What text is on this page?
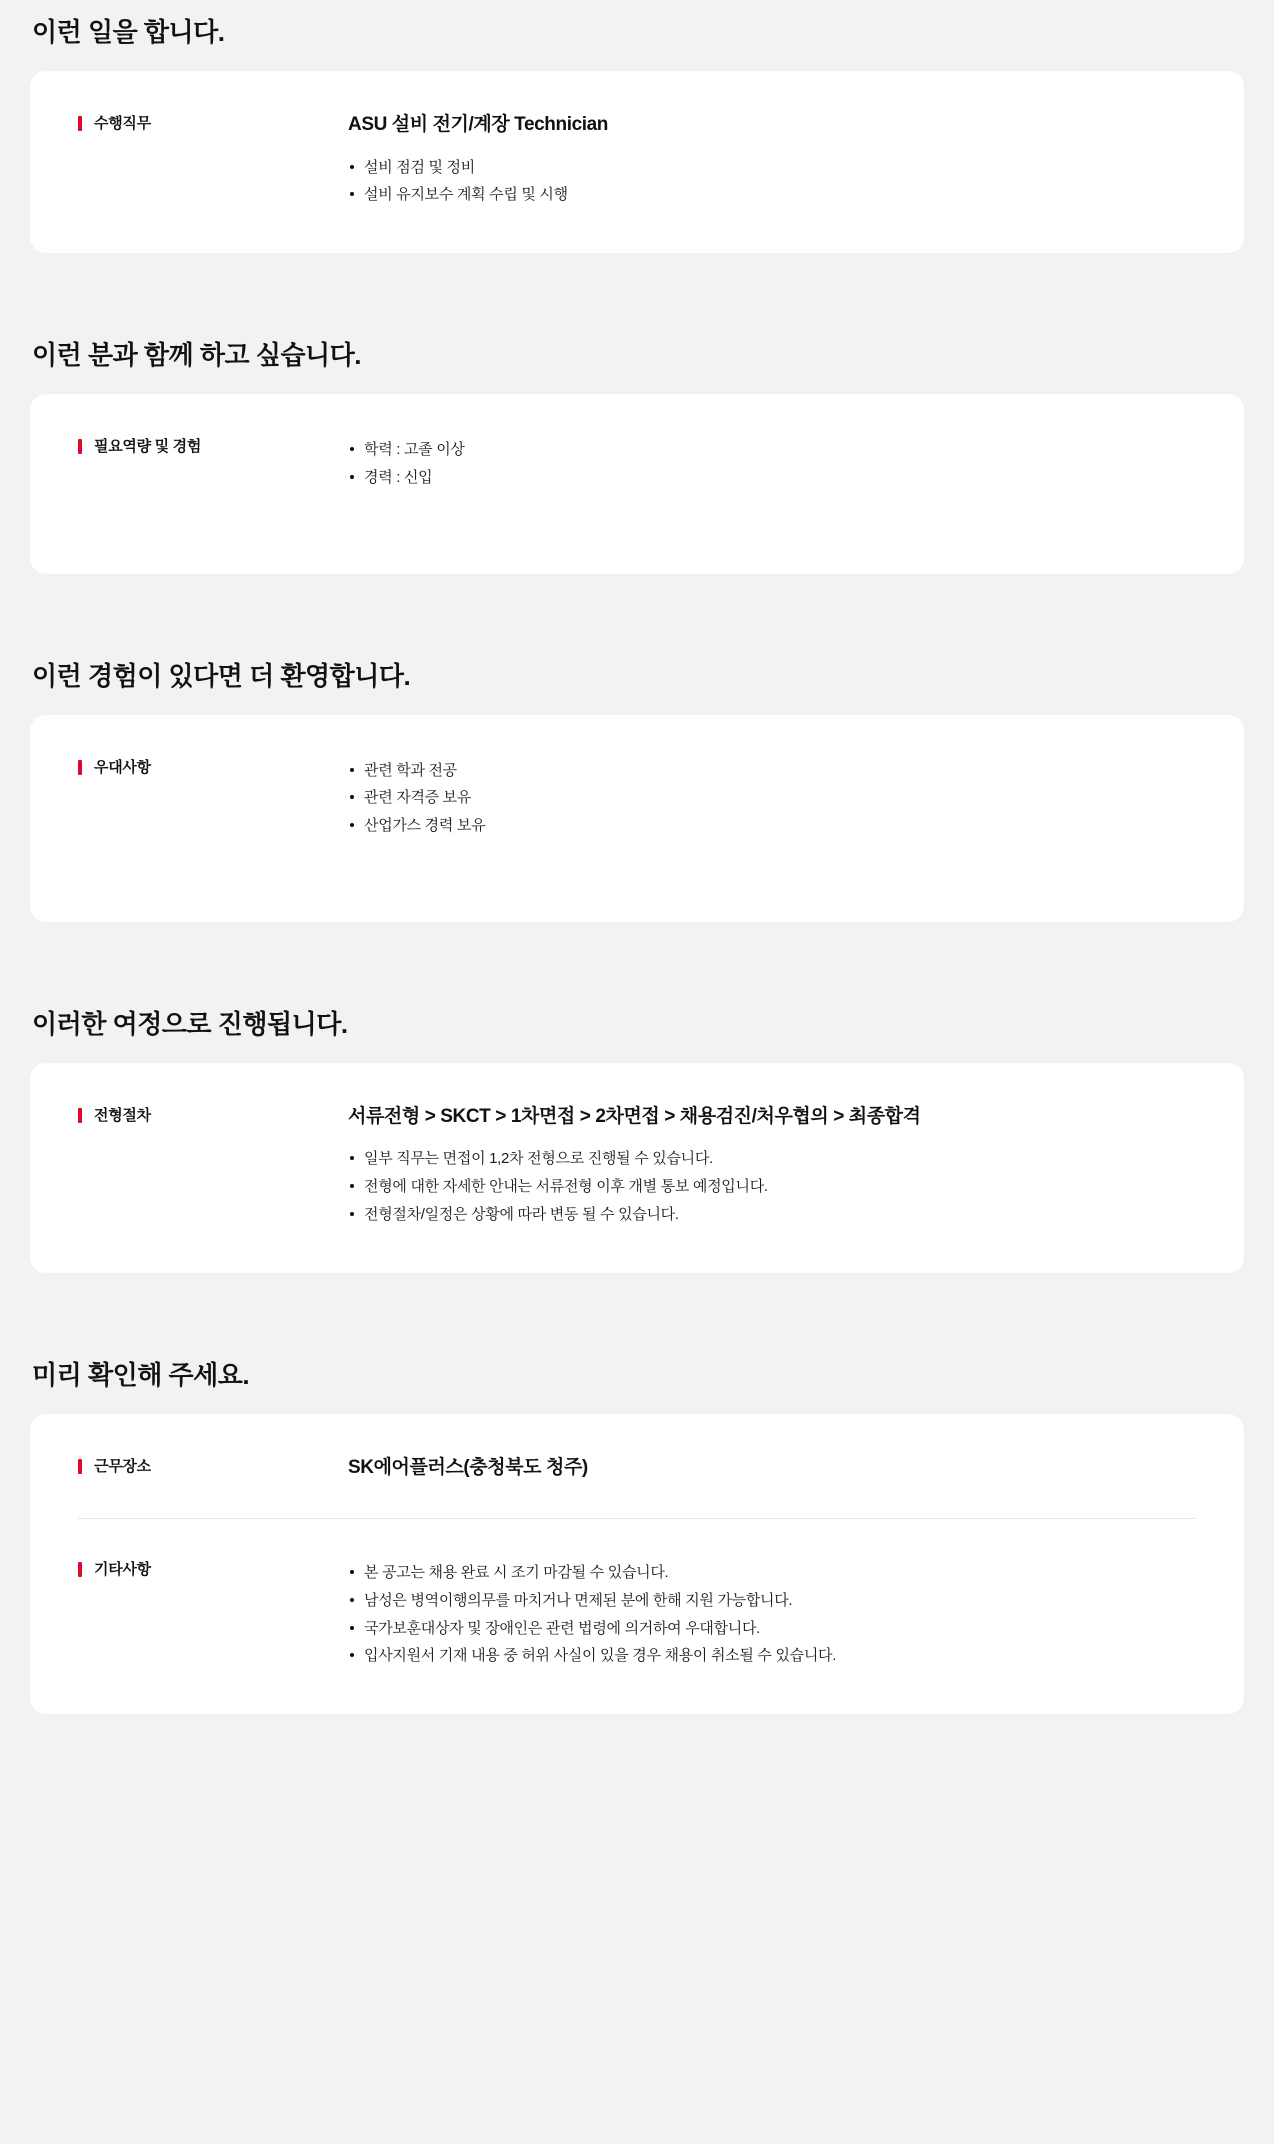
이런 일을 합니다.
수행직무	ASU 설비 전기/계장 Technician

설비 점검 및 정비
설비 유지보수 계획 수립 및 시행
이런 분과 함께 하고 싶습니다.
필요역량 및 경험	학력 : 고졸 이상
경력 : 신입
이런 경험이 있다면 더 환영합니다.
우대사항	관련 학과 전공
관련 자격증 보유
산업가스 경력 보유
이러한 여정으로 진행됩니다.
전형절차	서류전형 > SKCT > 1차면접 > 2차면접 > 채용검진/처우협의 > 최종합격

일부 직무는 면접이 1,2차 전형으로 진행될 수 있습니다.
전형에 대한 자세한 안내는 서류전형 이후 개별 통보 예정입니다.
전형절차/일정은 상황에 따라 변동 될 수 있습니다.
미리 확인해 주세요.
근무장소	SK에어플러스(충청북도 청주)

기타사항	본 공고는 채용 완료 시 조기 마감될 수 있습니다.
남성은 병역이행의무를 마치거나 면제된 분에 한해 지원 가능합니다.
국가보훈대상자 및 장애인은 관련 법령에 의거하여 우대합니다.
입사지원서 기재 내용 중 허위 사실이 있을 경우 채용이 취소될 수 있습니다.
